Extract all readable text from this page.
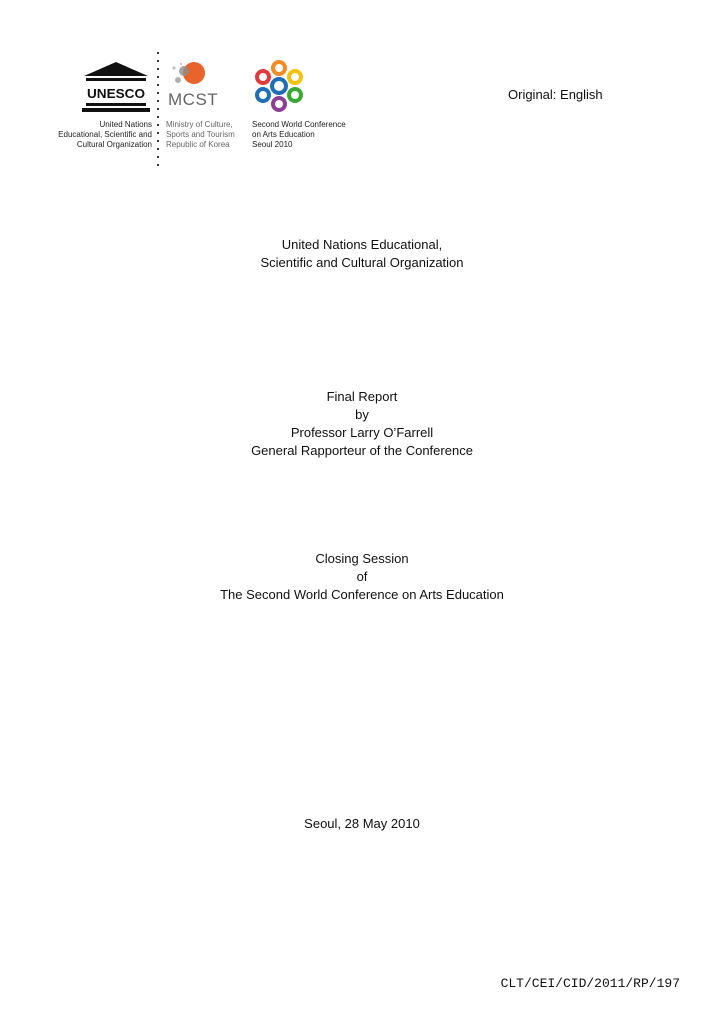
UNESCO
United Nations
Educational, Scientific and
Cultural Organization
MCST
Ministry of Culture,
Sports and Tourism
Republic of Korea
Second World Conference
on Arts Education
Seoul 2010
Original: English
United Nations Educational,
Scientific and Cultural Organization
Final Report
by
Professor Larry O’Farrell
General Rapporteur of the Conference
Closing Session
of
The Second World Conference on Arts Education
Seoul, 28 May 2010
CLT/CEI/CID/2011/RP/197
